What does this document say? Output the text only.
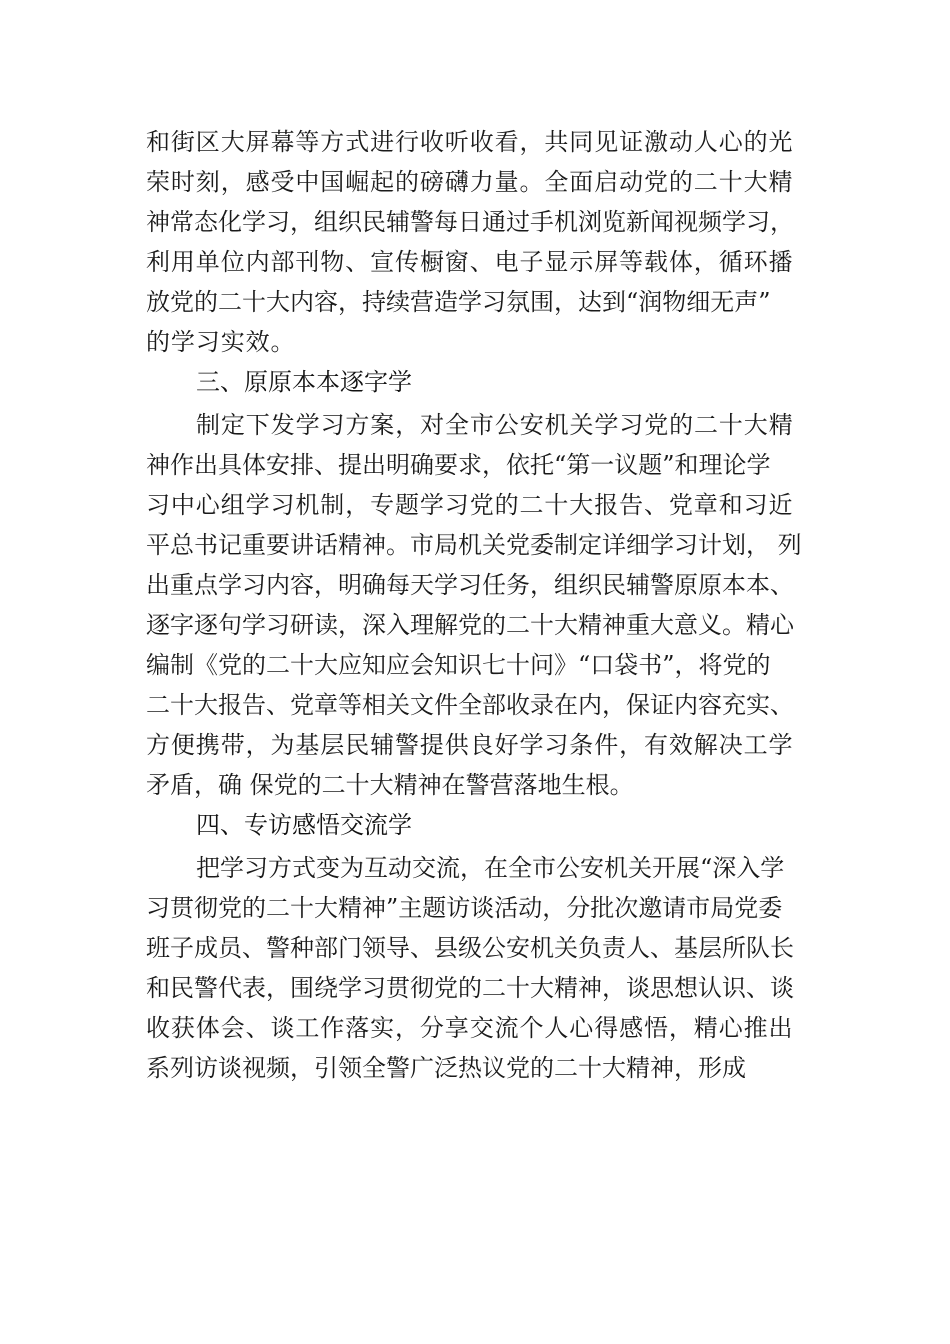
和街区大屏幕等方式进行收听收看，共同见证激动人心的光
荣时刻，感受中国崛起的磅礴力量。全面启动党的二十大精
神常态化学习，组织民辅警每日通过手机浏览新闻视频学习，
利用单位内部刊物、宣传橱窗、电子显示屏等载体，循环播
放党的二十大内容，持续营造学习氛围，达到“润物细无声”
的学习实效。
三、原原本本逐字学
制定下发学习方案，对全市公安机关学习党的二十大精
神作出具体安排、提出明确要求，依托“第一议题”和理论学
习中心组学习机制，专题学习党的二十大报告、党章和习近
平总书记重要讲话精神。市局机关党委制定详细学习计划， 列
出重点学习内容，明确每天学习任务，组织民辅警原原本本、
逐字逐句学习研读，深入理解党的二十大精神重大意义。精心
编制《党的二十大应知应会知识七十问》“口袋书”，将党的
二十大报告、党章等相关文件全部收录在内，保证内容充实、
方便携带，为基层民辅警提供良好学习条件，有效解决工学
矛盾，确 保党的二十大精神在警营落地生根。
四、专访感悟交流学
把学习方式变为互动交流，在全市公安机关开展“深入学
习贯彻党的二十大精神”主题访谈活动，分批次邀请市局党委
班子成员、警种部门领导、县级公安机关负责人、基层所队长
和民警代表，围绕学习贯彻党的二十大精神，谈思想认识、谈
收获体会、谈工作落实，分享交流个人心得感悟，精心推出
系列访谈视频，引领全警广泛热议党的二十大精神，形成
